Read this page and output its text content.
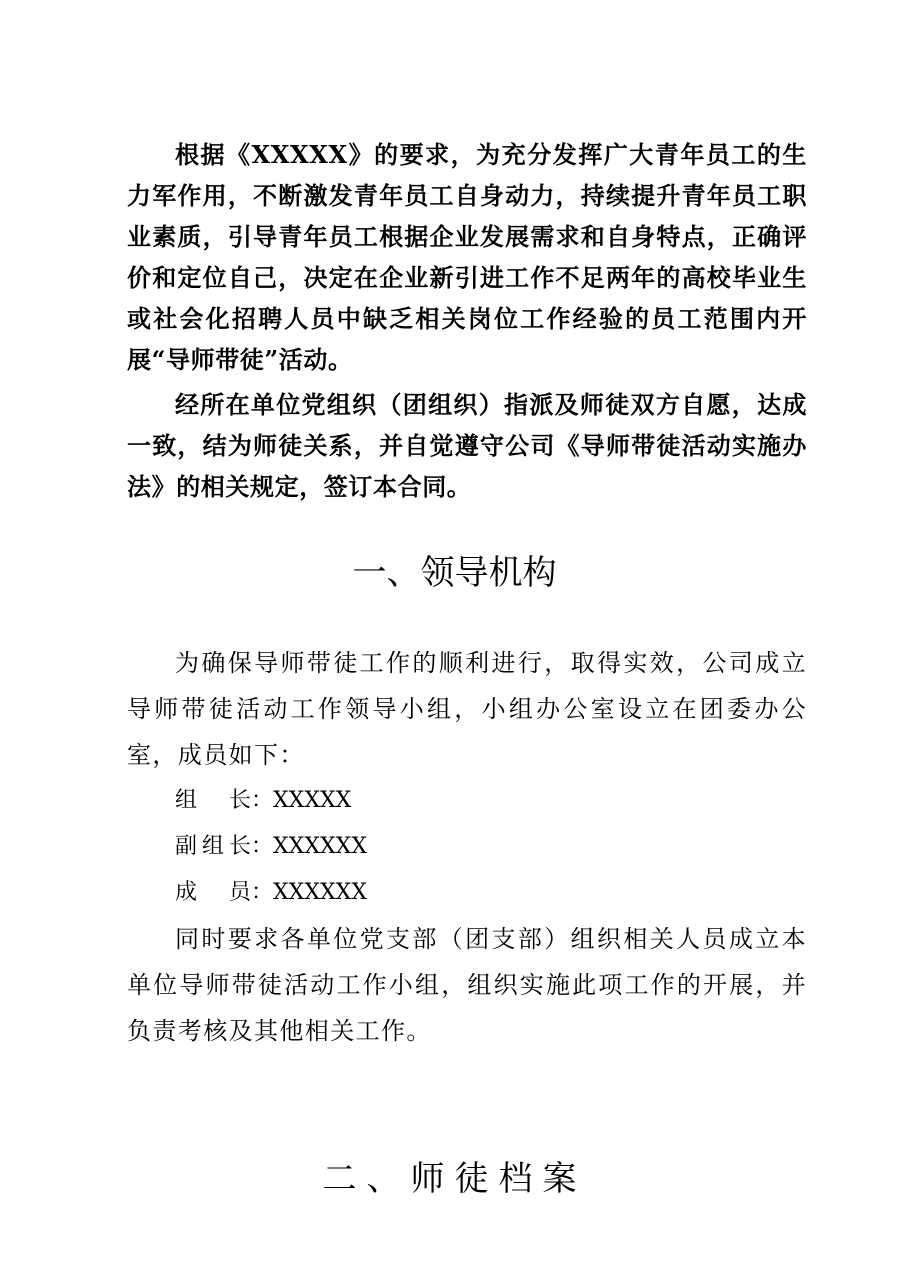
根据《XXXXX》的要求，为充分发挥广大青年员工的生力军作用，不断激发青年员工自身动力，持续提升青年员工职业素质，引导青年员工根据企业发展需求和自身特点，正确评价和定位自己，决定在企业新引进工作不足两年的高校毕业生或社会化招聘人员中缺乏相关岗位工作经验的员工范围内开展“导师带徒”活动。

经所在单位党组织（团组织）指派及师徒双方自愿，达成一致，结为师徒关系，并自觉遵守公司《导师带徒活动实施办法》的相关规定，签订本合同。

一、领导机构

为确保导师带徒工作的顺利进行，取得实效，公司成立导师带徒活动工作领导小组，小组办公室设立在团委办公室，成员如下：

组 长：XXXXX
副组长：XXXXXX
成 员：XXXXXX

同时要求各单位党支部（团支部）组织相关人员成立本单位导师带徒活动工作小组，组织实施此项工作的开展，并负责考核及其他相关工作。

二、师徒档案
